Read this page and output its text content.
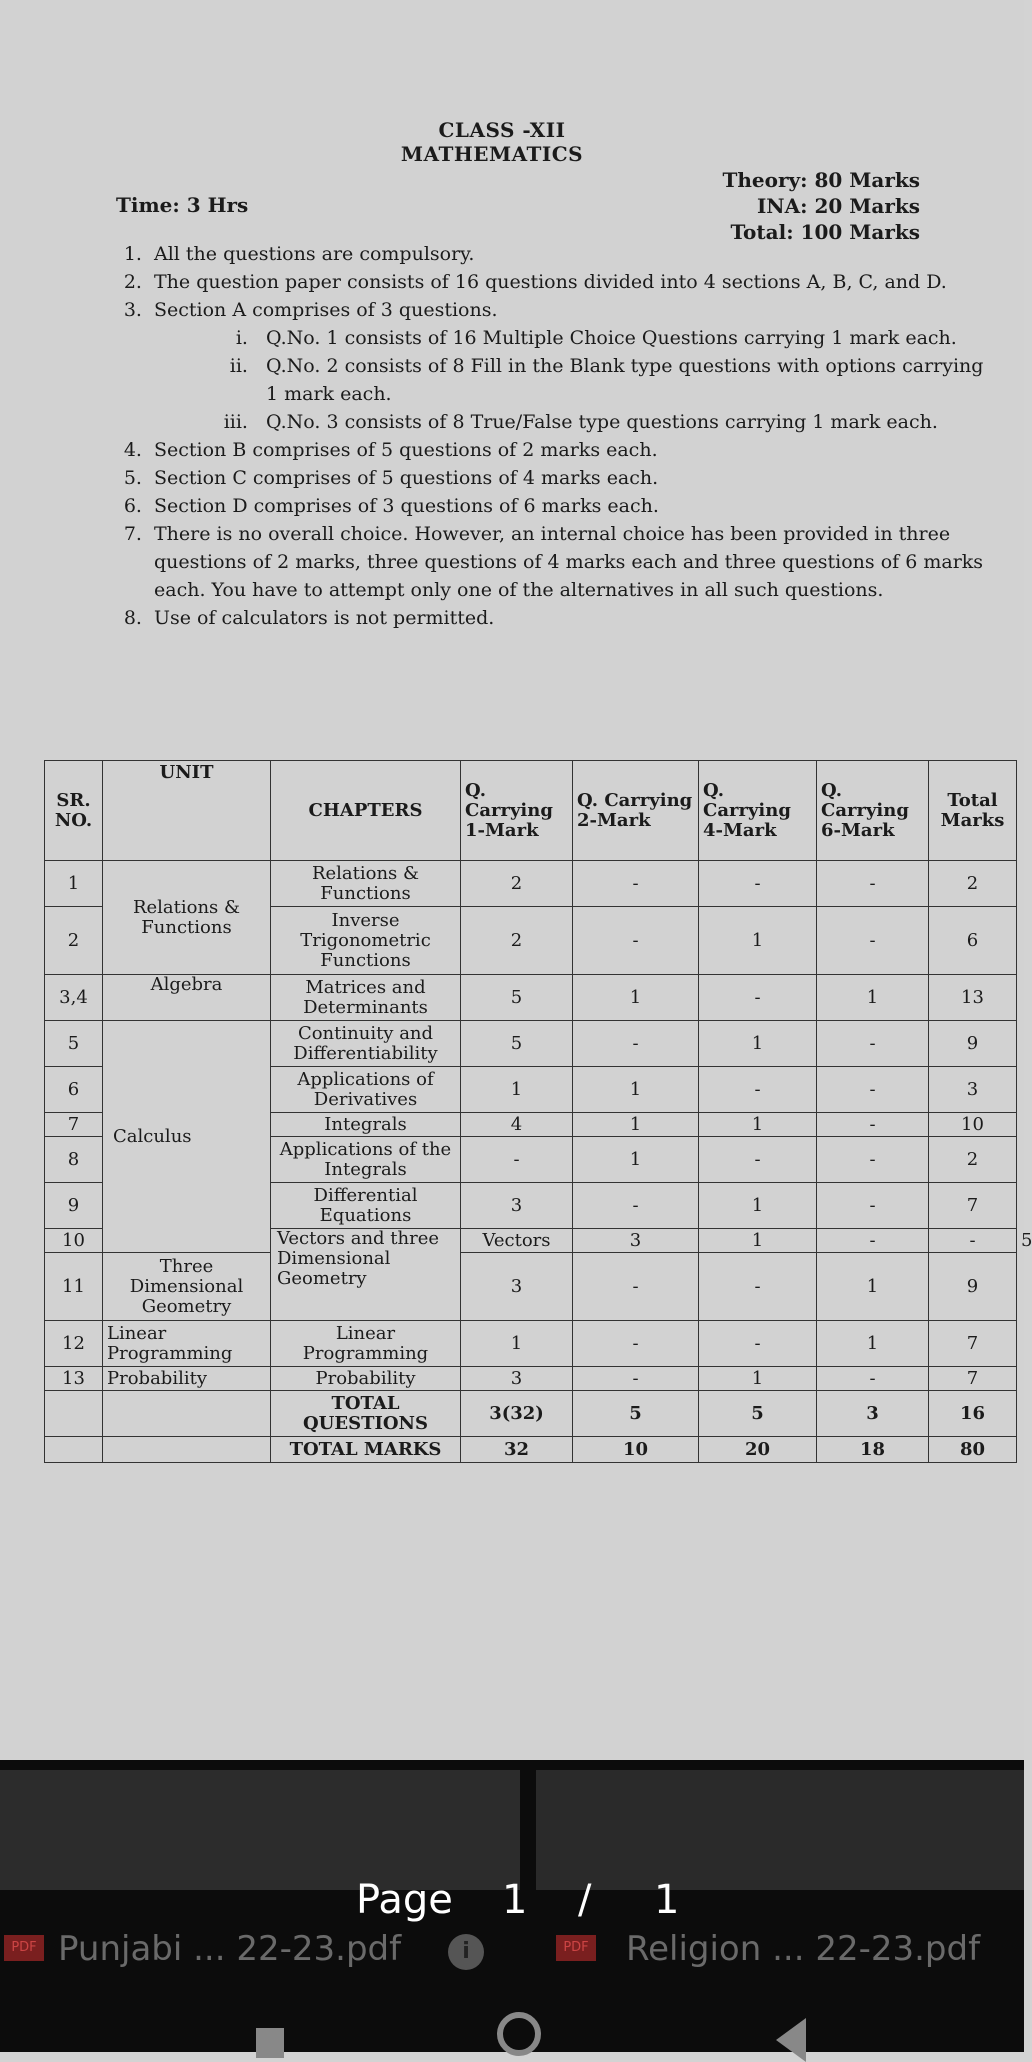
CLASS -XII
MATHEMATICS
Time: 3 Hrs
Theory: 80 Marks
INA: 20 Marks
Total: 100 Marks
1. All the questions are compulsory.
2. The question paper consists of 16 questions divided into 4 sections A, B, C, and D.
3. Section A comprises of 3 questions.
i. Q.No. 1 consists of 16 Multiple Choice Questions carrying 1 mark each.
ii. Q.No. 2 consists of 8 Fill in the Blank type questions with options carrying 1 mark each.
iii. Q.No. 3 consists of 8 True/False type questions carrying 1 mark each.
4. Section B comprises of 5 questions of 2 marks each.
5. Section C comprises of 5 questions of 4 marks each.
6. Section D comprises of 3 questions of 6 marks each.
7. There is no overall choice. However, an internal choice has been provided in three questions of 2 marks, three questions of 4 marks each and three questions of 6 marks each. You have to attempt only one of the alternatives in all such questions.
8. Use of calculators is not permitted.
SR. NO.	UNIT	CHAPTERS	Q. Carrying 1-Mark	Q. Carrying 2-Mark	Q. Carrying 4-Mark	Q. Carrying 6-Mark	Total Marks	
1	Relations & Functions	Relations & Functions	2	-	-	-	2	
2		Inverse Trigonometric Functions	2	-	1	-	6	
3,4	Algebra	Matrices and Determinants	5	1	-	1	13	
5	Calculus	Continuity and Differentiability	5	-	1	-	9	
6		Applications of Derivatives	1	1	-	-	3	
7		Integrals	4	1	1	-	10	
8		Applications of the Integrals	-	1	-	-	2	
9		Differential Equations	3	-	1	-	7	
10		Vectors and three Dimensional Geometry	Vectors	3	1	-	-	5
11	Three Dimensional Geometry		3	-	-	1	9	
12	Linear Programming	Linear Programming	1	-	-	1	7	
13	Probability	Probability	3	-	1	-	7	
		TOTAL QUESTIONS	3(32)	5	5	3	16	
		TOTAL MARKS	32	10	20	18	80	
Page 1 / 1
PDF Punjabi ... 22-23.pdf	i	PDF Religion ... 22-23.pdf
